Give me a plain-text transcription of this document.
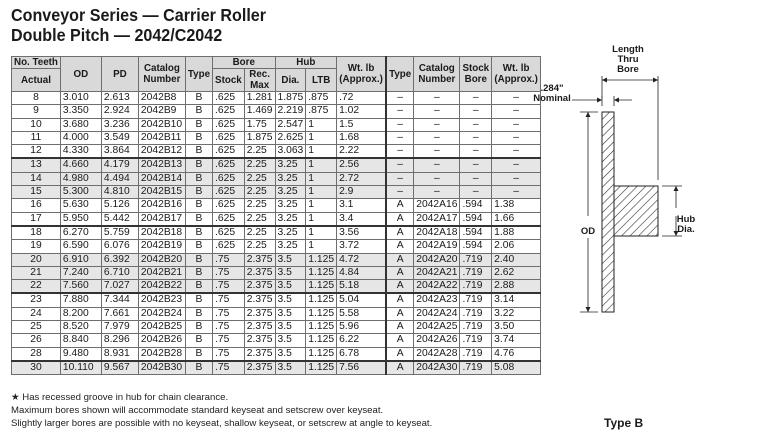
Conveyor Series — Carrier Roller
Double Pitch — 2042/C2042
No. Teeth	OD	PD	Catalog Number	Type	Bore		Hub		Wt. lb (Approx.)	Type	Catalog Number	Stock Bore	Wt. lb (Approx.)
Actual					Stock	Rec. Max	Dia.	LTB					

8	3.010	2.613	2042B8	B	.625	1.281	1.875	.875	.72	–	–	–	–
9	3.350	2.924	2042B9	B	.625	1.469	2.219	.875	1.02	–	–	–	–
10	3.680	3.236	2042B10	B	.625	1.75	2.547	1	1.5	–	–	–	–
11	4.000	3.549	2042B11	B	.625	1.875	2.625	1	1.68	–	–	–	–
12	4.330	3.864	2042B12	B	.625	2.25	3.063	1	2.22	–	–	–	–
13	4.660	4.179	2042B13	B	.625	2.25	3.25	1	2.56	–	–	–	–
14	4.980	4.494	2042B14	B	.625	2.25	3.25	1	2.72	–	–	–	–
15	5.300	4.810	2042B15	B	.625	2.25	3.25	1	2.9	–	–	–	–
16	5.630	5.126	2042B16	B	.625	2.25	3.25	1	3.1	A	2042A16	.594	1.38
17	5.950	5.442	2042B17	B	.625	2.25	3.25	1	3.4	A	2042A17	.594	1.66
18	6.270	5.759	2042B18	B	.625	2.25	3.25	1	3.56	A	2042A18	.594	1.88
19	6.590	6.076	2042B19	B	.625	2.25	3.25	1	3.72	A	2042A19	.594	2.06
20	6.910	6.392	2042B20	B	.75	2.375	3.5	1.125	4.72	A	2042A20	.719	2.40
21	7.240	6.710	2042B21	B	.75	2.375	3.5	1.125	4.84	A	2042A21	.719	2.62
22	7.560	7.027	2042B22	B	.75	2.375	3.5	1.125	5.18	A	2042A22	.719	2.88
23	7.880	7.344	2042B23	B	.75	2.375	3.5	1.125	5.04	A	2042A23	.719	3.14
24	8.200	7.661	2042B24	B	.75	2.375	3.5	1.125	5.58	A	2042A24	.719	3.22
25	8.520	7.979	2042B25	B	.75	2.375	3.5	1.125	5.96	A	2042A25	.719	3.50
26	8.840	8.296	2042B26	B	.75	2.375	3.5	1.125	6.22	A	2042A26	.719	3.74
28	9.480	8.931	2042B28	B	.75	2.375	3.5	1.125	6.78	A	2042A28	.719	4.76
30	10.110	9.567	2042B30	B	.75	2.375	3.5	1.125	7.56	A	2042A30	.719	5.08
★ Has recessed groove in hub for chain clearance.
Maximum bores shown will accommodate standard keyseat and setscrew over keyseat.
Slightly larger bores are possible with no keyseat, shallow keyseat, or setscrew at angle to keyseat.
Length Thru Bore
.284" Nominal
OD
Hub Dia.
Type B
